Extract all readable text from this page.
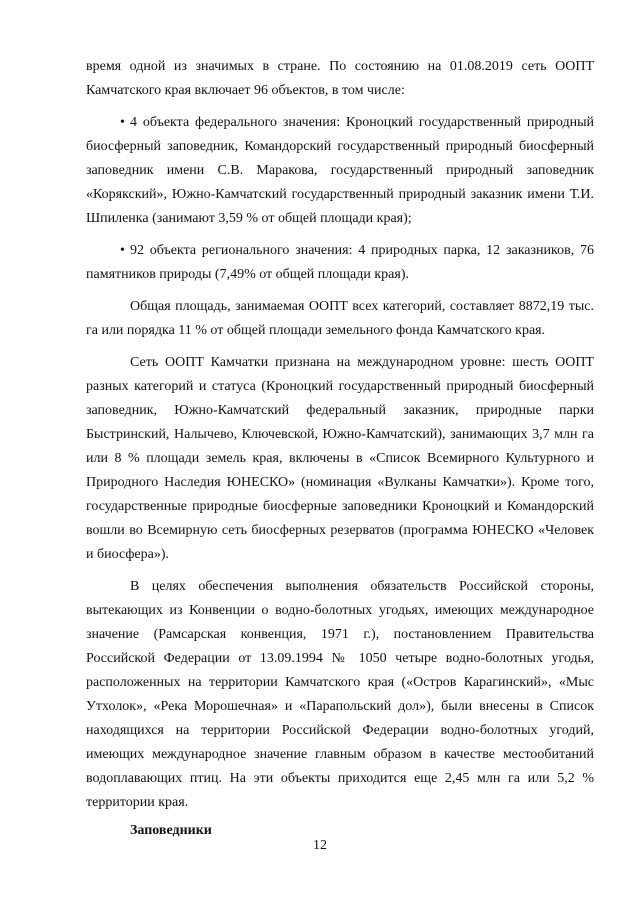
время одной из значимых в стране. По состоянию на 01.08.2019 сеть ООПТ Камчатского края включает 96 объектов, в том числе:

• 4 объекта федерального значения: Кроноцкий государственный природный биосферный заповедник, Командорский государственный природный биосферный заповедник имени С.В. Маракова, государственный природный заповедник «Корякский», Южно-Камчатский государственный природный заказник имени Т.И. Шпиленка (занимают 3,59 % от общей площади края);
• 92 объекта регионального значения: 4 природных парка, 12 заказников, 76 памятников природы (7,49% от общей площади края).

Общая площадь, занимаемая ООПТ всех категорий, составляет 8872,19 тыс. га или порядка 11 % от общей площади земельного фонда Камчатского края.

Сеть ООПТ Камчатки признана на международном уровне: шесть ООПТ разных категорий и статуса (Кроноцкий государственный природный биосферный заповедник, Южно-Камчатский федеральный заказник, природные парки Быстринский, Налычево, Ключевской, Южно-Камчатский), занимающих 3,7 млн га или 8 % площади земель края, включены в «Список Всемирного Культурного и Природного Наследия ЮНЕСКО» (номинация «Вулканы Камчатки»). Кроме того, государственные природные биосферные заповедники Кроноцкий и Командорский вошли во Всемирную сеть биосферных резерватов (программа ЮНЕСКО «Человек и биосфера»).

В целях обеспечения выполнения обязательств Российской стороны, вытекающих из Конвенции о водно-болотных угодьях, имеющих международное значение (Рамсарская конвенция, 1971 г.), постановлением Правительства Российской Федерации от 13.09.1994 № 1050 четыре водно-болотных угодья, расположенных на территории Камчатского края («Остров Карагинский», «Мыс Утхолок», «Река Морошечная» и «Парапольский дол»), были внесены в Список находящихся на территории Российской Федерации водно-болотных угодий, имеющих международное значение главным образом в качестве местообитаний водоплавающих птиц. На эти объекты приходится еще 2,45 млн га или 5,2 % территории края.

Заповедники

12
